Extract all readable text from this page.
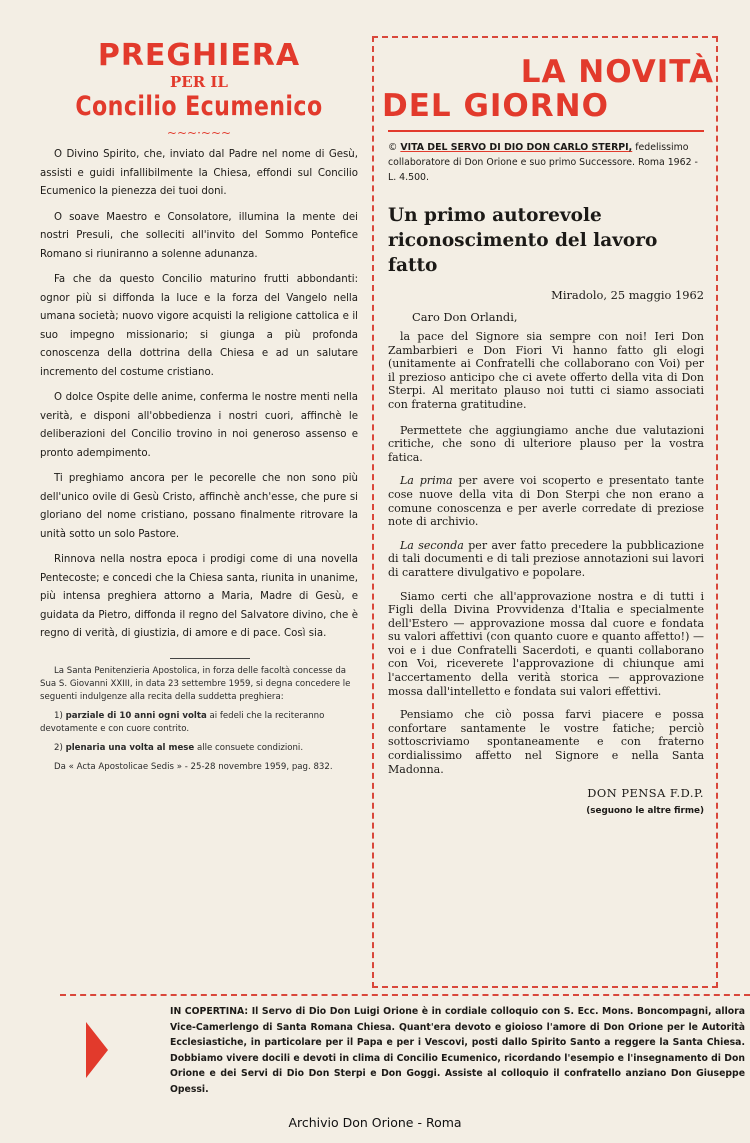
PREGHIERA
PER IL
Concilio Ecumenico
~~~·~~~

O Divino Spirito, che, inviato dal Padre nel nome di Gesù, assisti e guidi infallibilmente la Chiesa, effondi sul Concilio Ecumenico la pienezza dei tuoi doni.

O soave Maestro e Consolatore, illumina la mente dei nostri Presuli, che solleciti all'invito del Sommo Pontefice Romano si riuniranno a solenne adunanza.

Fa che da questo Concilio maturino frutti abbondanti: ognor più si diffonda la luce e la forza del Vangelo nella umana società; nuovo vigore acquisti la religione cattolica e il suo impegno missionario; si giunga a più profonda conoscenza della dottrina della Chiesa e ad un salutare incremento del costume cristiano.

O dolce Ospite delle anime, conferma le nostre menti nella verità, e disponi all'obbedienza i nostri cuori, affinchè le deliberazioni del Concilio trovino in noi generoso assenso e pronto adempimento.

Ti preghiamo ancora per le pecorelle che non sono più dell'unico ovile di Gesù Cristo, affinchè anch'esse, che pure si gloriano del nome cristiano, possano finalmente ritrovare la unità sotto un solo Pastore.

Rinnova nella nostra epoca i prodigi come di una novella Pentecoste; e concedi che la Chiesa santa, riunita in unanime, più intensa preghiera attorno a Maria, Madre di Gesù, e guidata da Pietro, diffonda il regno del Salvatore divino, che è regno di verità, di giustizia, di amore e di pace. Così sia.

La Santa Penitenzieria Apostolica, in forza delle facoltà concesse da Sua S. Giovanni XXIII, in data 23 settembre 1959, si degna concedere le seguenti indulgenze alla recita della suddetta preghiera:

1) parziale di 10 anni ogni volta ai fedeli che la reciteranno devotamente e con cuore contrito.

2) plenaria una volta al mese alle consuete condizioni.

Da « Acta Apostolicae Sedis » - 25-28 novembre 1959, pag. 832.

LA NOVITÀ
DEL GIORNO

© VITA DEL SERVO DI DIO DON CARLO STERPI, fedelissimo collaboratore di Don Orione e suo primo Successore. Roma 1962 - L. 4.500.

Un primo autorevole riconoscimento del lavoro fatto
Miradolo, 25 maggio 1962
Caro Don Orlandi,

la pace del Signore sia sempre con noi! Ieri Don Zambarbieri e Don Fiori Vi hanno fatto gli elogi (unitamente ai Confratelli che collaborano con Voi) per il prezioso anticipo che ci avete offerto della vita di Don Sterpi. Al meritato plauso noi tutti ci siamo associati con fraterna gratitudine.

Permettete che aggiungiamo anche due valutazioni critiche, che sono di ulteriore plauso per la vostra fatica.

La prima per avere voi scoperto e presentato tante cose nuove della vita di Don Sterpi che non erano a comune conoscenza e per averle corredate di preziose note di archivio.

La seconda per aver fatto precedere la pubblicazione di tali documenti e di tali preziose annotazioni sui lavori di carattere divulgativo e popolare.

Siamo certi che all'approvazione nostra e di tutti i Figli della Divina Provvidenza d'Italia e specialmente dell'Estero — approvazione mossa dal cuore e fondata su valori affettivi (con quanto cuore e quanto affetto!) — voi e i due Confratelli Sacerdoti, e quanti collaborano con Voi, riceverete l'approvazione di chiunque ami l'accertamento della verità storica — approvazione mossa dall'intelletto e fondata sui valori effettivi.

Pensiamo che ciò possa farvi piacere e possa confortare santamente le vostre fatiche; perciò sottoscriviamo spontaneamente e con fraterno cordialissimo affetto nel Signore e nella Santa Madonna.

DON PENSA F.D.P.
(seguono le altre firme)

IN COPERTINA: Il Servo di Dio Don Luigi Orione è in cordiale colloquio con S. Ecc. Mons. Boncompagni, allora Vice-Camerlengo di Santa Romana Chiesa. Quant'era devoto e gioioso l'amore di Don Orione per le Autorità Ecclesiastiche, in particolare per il Papa e per i Vescovi, posti dallo Spirito Santo a reggere la Santa Chiesa. Dobbiamo vivere docili e devoti in clima di Concilio Ecumenico, ricordando l'esempio e l'insegnamento di Don Orione e dei Servi di Dio Don Sterpi e Don Goggi. Assiste al colloquio il confratello anziano Don Giuseppe Opessi.

Archivio Don Orione - Roma
